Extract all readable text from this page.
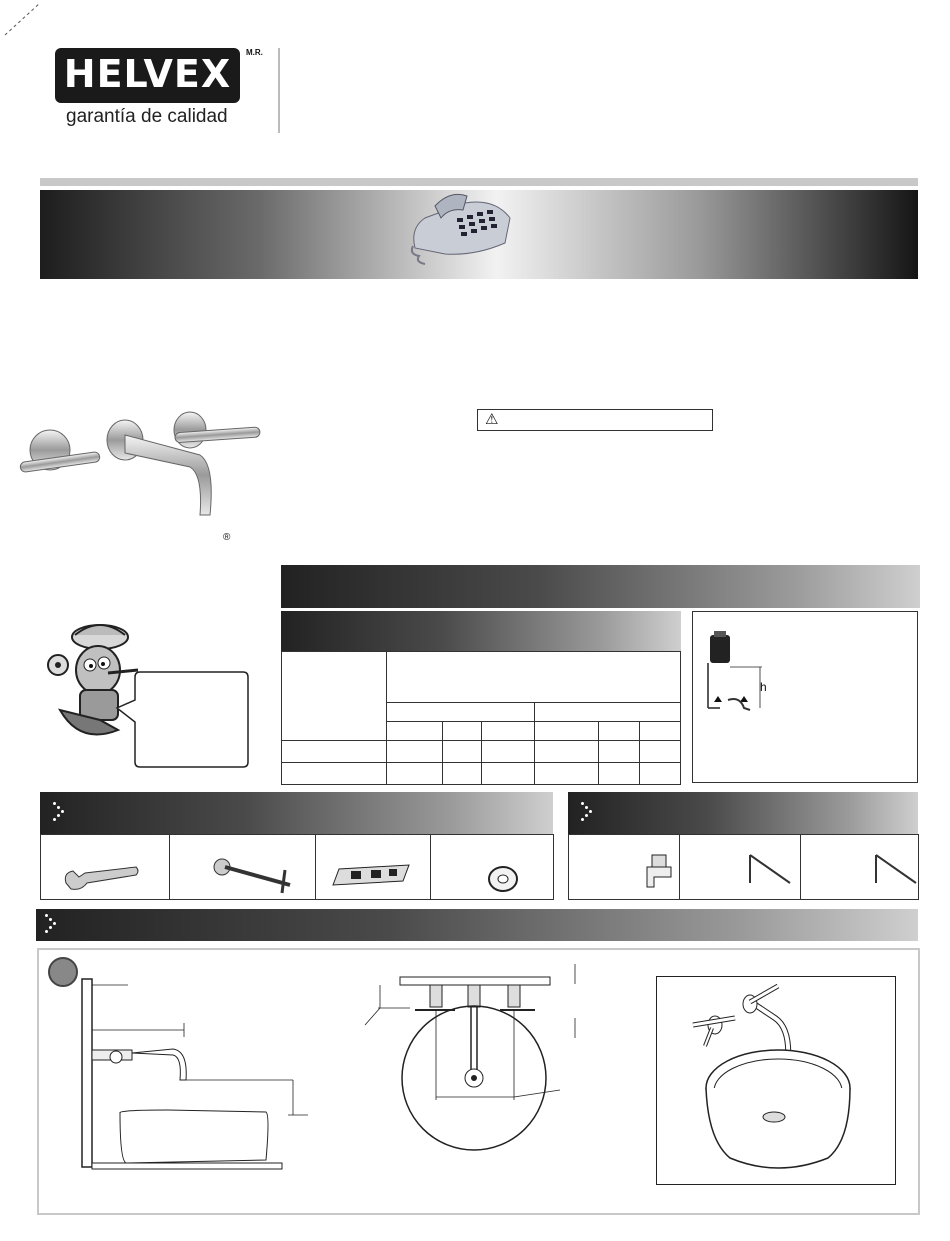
HELVEX	M.R.
garantía de calidad
®
⚠

h
